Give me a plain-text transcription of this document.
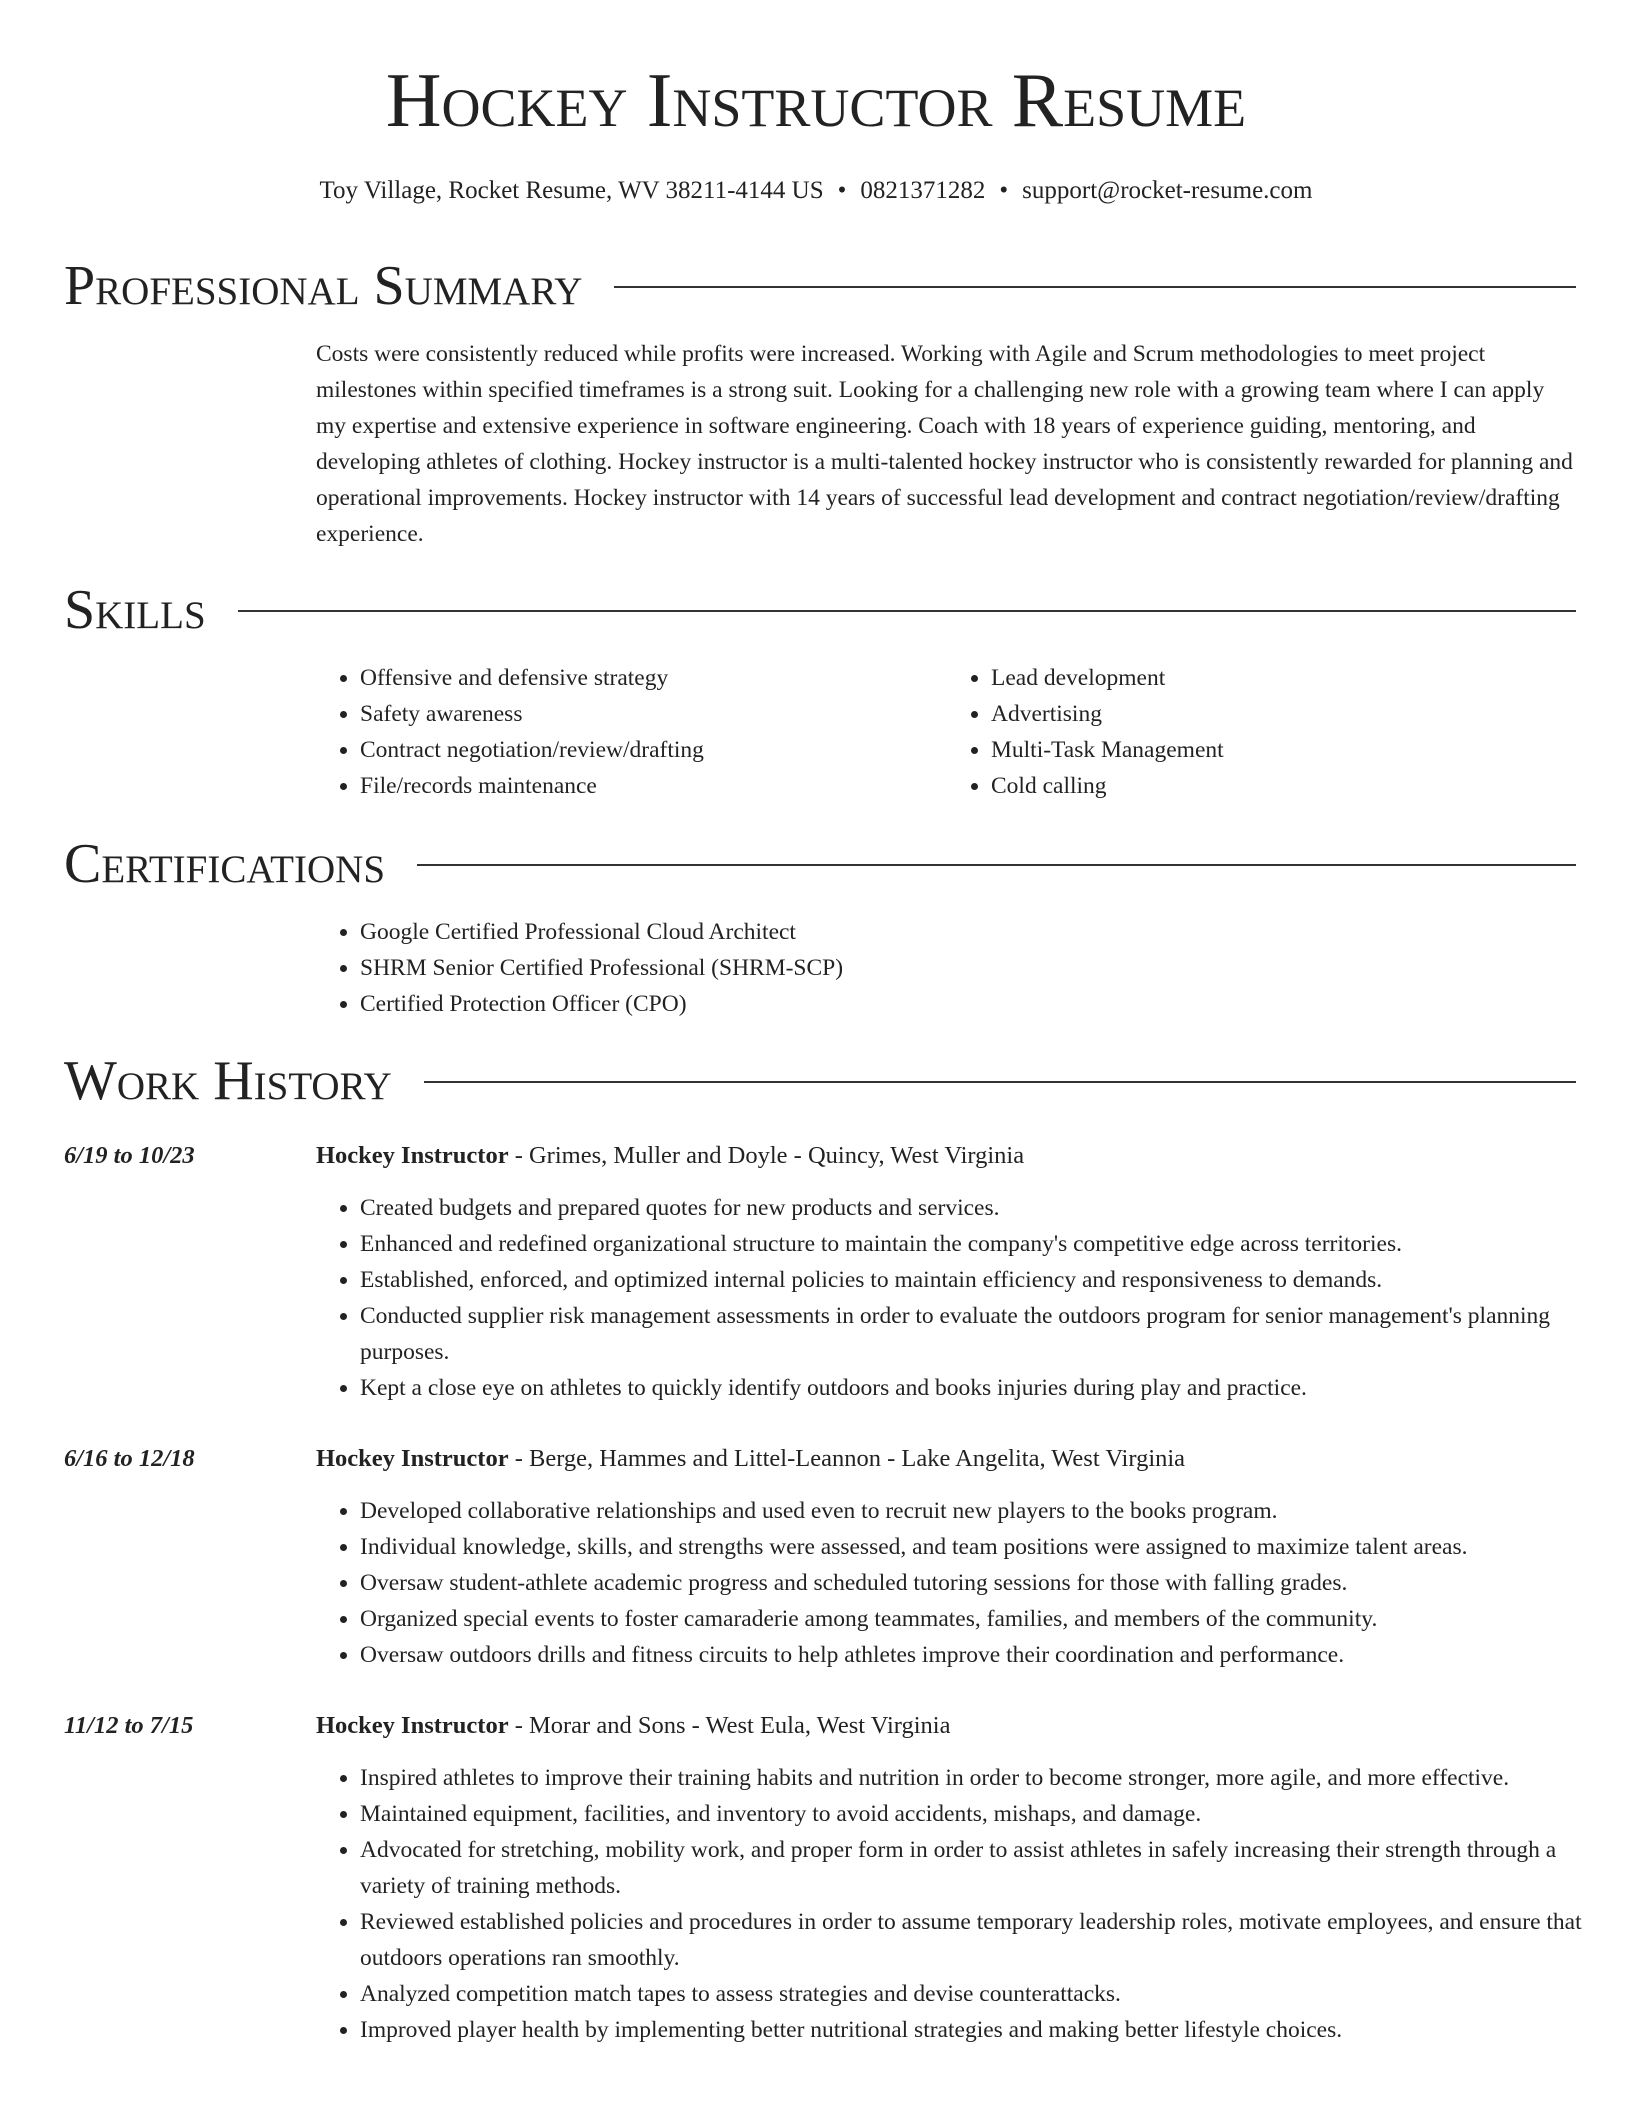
Hockey Instructor Resume
Toy Village, Rocket Resume, WV 38211-4144 US • 0821371282 • support@rocket-resume.com
Professional Summary

Costs were consistently reduced while profits were increased. Working with Agile and Scrum methodologies to meet project milestones within specified timeframes is a strong suit. Looking for a challenging new role with a growing team where I can apply my expertise and extensive experience in software engineering. Coach with 18 years of experience guiding, mentoring, and developing athletes of clothing. Hockey instructor is a multi-talented hockey instructor who is consistently rewarded for planning and operational improvements. Hockey instructor with 14 years of successful lead development and contract negotiation/review/drafting experience.

Skills
• Offensive and defensive strategy
• Safety awareness
• Contract negotiation/review/drafting
• File/records maintenance
• Lead development
• Advertising
• Multi-Task Management
• Cold calling
Certifications
• Google Certified Professional Cloud Architect
• SHRM Senior Certified Professional (SHRM-SCP)
• Certified Protection Officer (CPO)
Work History
6/19 to 10/23	Hockey Instructor - Grimes, Muller and Doyle - Quincy, West Virginia
• Created budgets and prepared quotes for new products and services.
• Enhanced and redefined organizational structure to maintain the company's competitive edge across territories.
• Established, enforced, and optimized internal policies to maintain efficiency and responsiveness to demands.
• Conducted supplier risk management assessments in order to evaluate the outdoors program for senior management's planning purposes.
• Kept a close eye on athletes to quickly identify outdoors and books injuries during play and practice.
6/16 to 12/18	Hockey Instructor - Berge, Hammes and Littel-Leannon - Lake Angelita, West Virginia
• Developed collaborative relationships and used even to recruit new players to the books program.
• Individual knowledge, skills, and strengths were assessed, and team positions were assigned to maximize talent areas.
• Oversaw student-athlete academic progress and scheduled tutoring sessions for those with falling grades.
• Organized special events to foster camaraderie among teammates, families, and members of the community.
• Oversaw outdoors drills and fitness circuits to help athletes improve their coordination and performance.
11/12 to 7/15	Hockey Instructor - Morar and Sons - West Eula, West Virginia
• Inspired athletes to improve their training habits and nutrition in order to become stronger, more agile, and more effective.
• Maintained equipment, facilities, and inventory to avoid accidents, mishaps, and damage.
• Advocated for stretching, mobility work, and proper form in order to assist athletes in safely increasing their strength through a variety of training methods.
• Reviewed established policies and procedures in order to assume temporary leadership roles, motivate employees, and ensure that outdoors operations ran smoothly.
• Analyzed competition match tapes to assess strategies and devise counterattacks.
• Improved player health by implementing better nutritional strategies and making better lifestyle choices.
